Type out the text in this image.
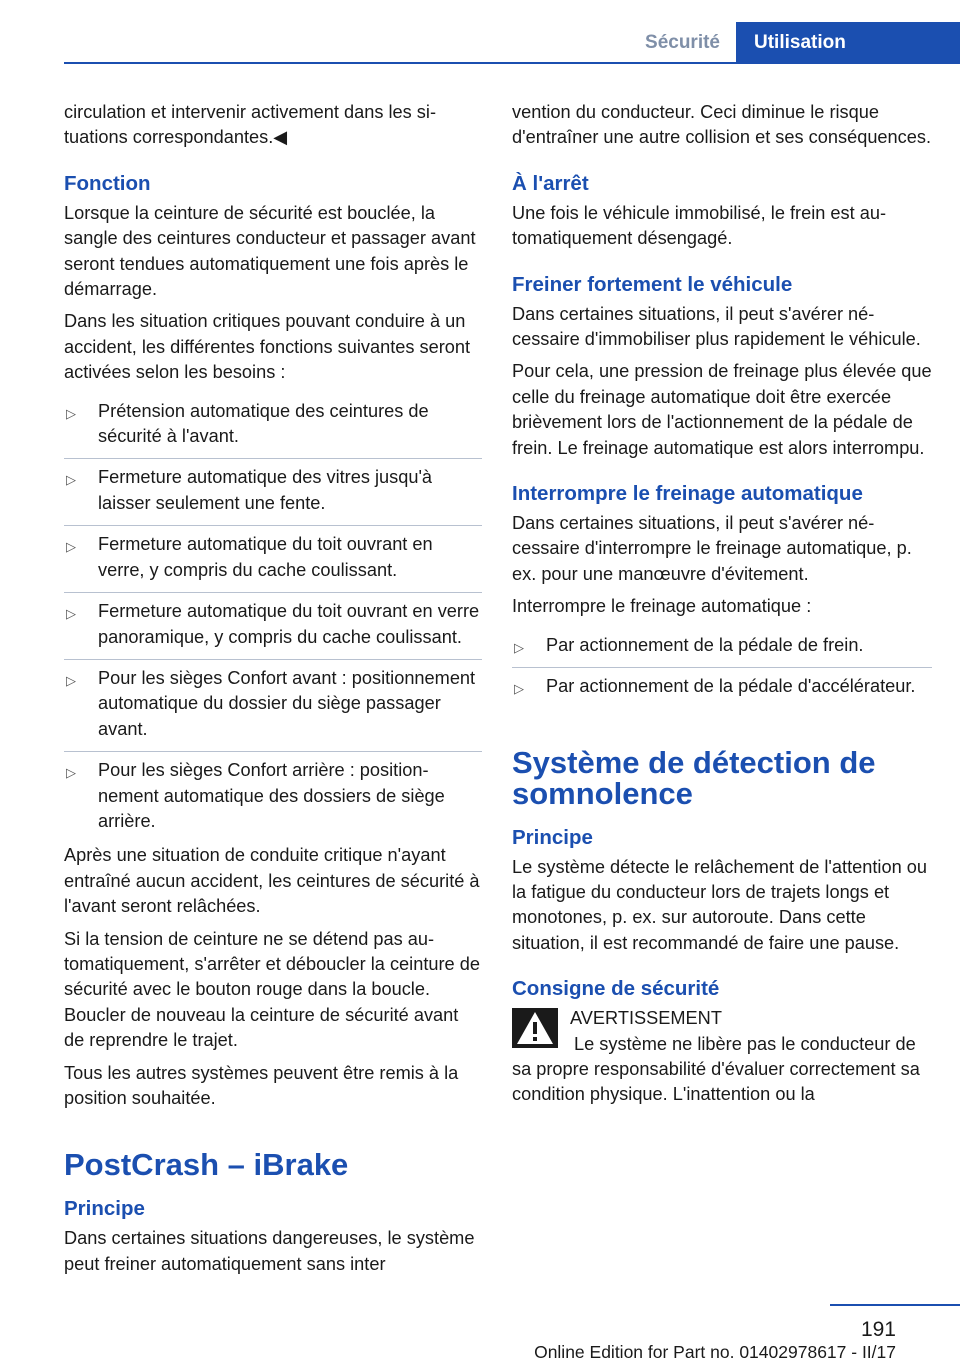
Sécurité	Utilisation

circulation et intervenir activement dans les situations correspondantes.◀

Fonction

Lorsque la ceinture de sécurité est bouclée, la sangle des ceintures conducteur et passager avant seront tendues automatiquement une fois après le démarrage.

Dans les situation critiques pouvant conduire à un accident, les différentes fonctions suivantes seront activées selon les besoins :

▷ Prétension automatique des ceintures de sécurité à l'avant.
▷ Fermeture automatique des vitres jusqu'à laisser seulement une fente.
▷ Fermeture automatique du toit ouvrant en verre, y compris du cache coulissant.
▷ Fermeture automatique du toit ouvrant en verre panoramique, y compris du cache coulissant.
▷ Pour les sièges Confort avant : positionnement automatique du dossier du siège passager avant.
▷ Pour les sièges Confort arrière : positionnement automatique des dossiers de siège arrière.

Après une situation de conduite critique n'ayant entraîné aucun accident, les ceintures de sécurité à l'avant seront relâchées.

Si la tension de ceinture ne se détend pas automatiquement, s'arrêter et déboucler la ceinture de sécurité avec le bouton rouge dans la boucle. Boucler de nouveau la ceinture de sécurité avant de reprendre le trajet.

Tous les autres systèmes peuvent être remis à la position souhaitée.

PostCrash – iBrake
Principe

Dans certaines situations dangereuses, le système peut freiner automatiquement sans inter

vention du conducteur. Ceci diminue le risque d'entraîner une autre collision et ses conséquences.

À l'arrêt

Une fois le véhicule immobilisé, le frein est automatiquement désengagé.

Freiner fortement le véhicule

Dans certaines situations, il peut s'avérer nécessaire d'immobiliser plus rapidement le véhicule.

Pour cela, une pression de freinage plus élevée que celle du freinage automatique doit être exercée brièvement lors de l'actionnement de la pédale de frein. Le freinage automatique est alors interrompu.

Interrompre le freinage automatique

Dans certaines situations, il peut s'avérer nécessaire d'interrompre le freinage automatique, p. ex. pour une manœuvre d'évitement.

Interrompre le freinage automatique :

▷ Par actionnement de la pédale de frein.
▷ Par actionnement de la pédale d'accélérateur.
Système de détection de somnolence
Principe

Le système détecte le relâchement de l'attention ou la fatigue du conducteur lors de trajets longs et monotones, p. ex. sur autoroute. Dans cette situation, il est recommandé de faire une pause.

Consigne de sécurité
AVERTISSEMENT
Le système ne libère pas le conducteur de sa propre responsabilité d'évaluer correctement sa condition physique. L'inattention ou la
191
Online Edition for Part no. 01402978617 - II/17
